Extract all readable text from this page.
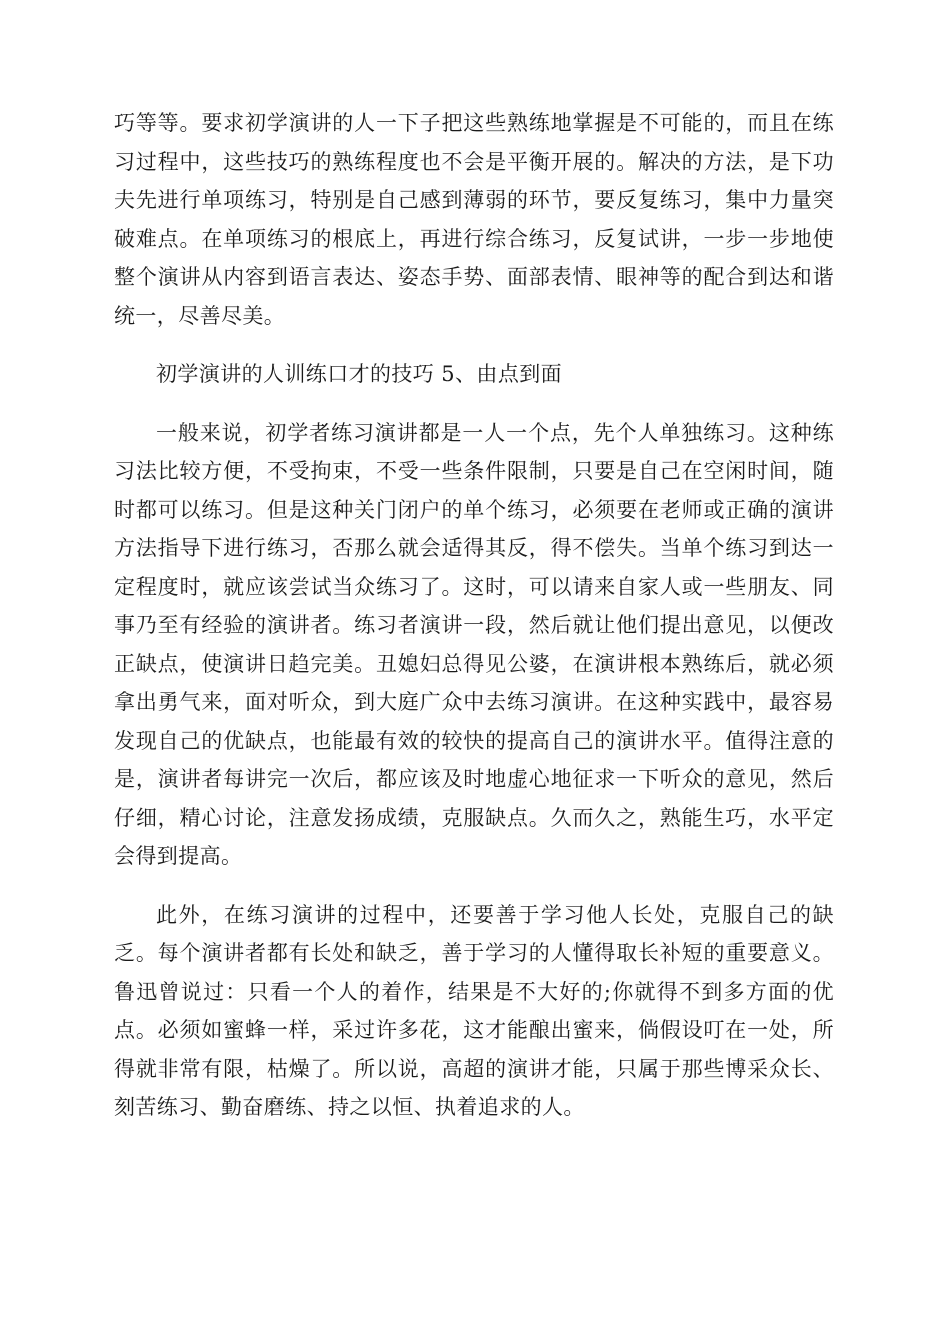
巧等等。要求初学演讲的人一下子把这些熟练地掌握是不可能的，而且在练习过程中，这些技巧的熟练程度也不会是平衡开展的。解决的方法，是下功夫先进行单项练习，特别是自己感到薄弱的环节，要反复练习，集中力量突破难点。在单项练习的根底上，再进行综合练习，反复试讲，一步一步地使整个演讲从内容到语言表达、姿态手势、面部表情、眼神等的配合到达和谐统一，尽善尽美。

初学演讲的人训练口才的技巧 5、由点到面

一般来说，初学者练习演讲都是一人一个点，先个人单独练习。这种练习法比较方便，不受拘束，不受一些条件限制，只要是自己在空闲时间，随时都可以练习。但是这种关门闭户的单个练习，必须要在老师或正确的演讲方法指导下进行练习，否那么就会适得其反，得不偿失。当单个练习到达一定程度时，就应该尝试当众练习了。这时，可以请来自家人或一些朋友、同事乃至有经验的演讲者。练习者演讲一段，然后就让他们提出意见，以便改正缺点，使演讲日趋完美。丑媳妇总得见公婆，在演讲根本熟练后，就必须拿出勇气来，面对听众，到大庭广众中去练习演讲。在这种实践中，最容易发现自己的优缺点，也能最有效的较快的提高自己的演讲水平。值得注意的是，演讲者每讲完一次后，都应该及时地虚心地征求一下听众的意见，然后仔细，精心讨论，注意发扬成绩，克服缺点。久而久之，熟能生巧，水平定会得到提高。

此外，在练习演讲的过程中，还要善于学习他人长处，克服自己的缺乏。每个演讲者都有长处和缺乏，善于学习的人懂得取长补短的重要意义。鲁迅曾说过：只看一个人的着作，结果是不大好的;你就得不到多方面的优点。必须如蜜蜂一样，采过许多花，这才能酿出蜜来，倘假设叮在一处，所得就非常有限，枯燥了。所以说，高超的演讲才能，只属于那些博采众长、刻苦练习、勤奋磨练、持之以恒、执着追求的人。
